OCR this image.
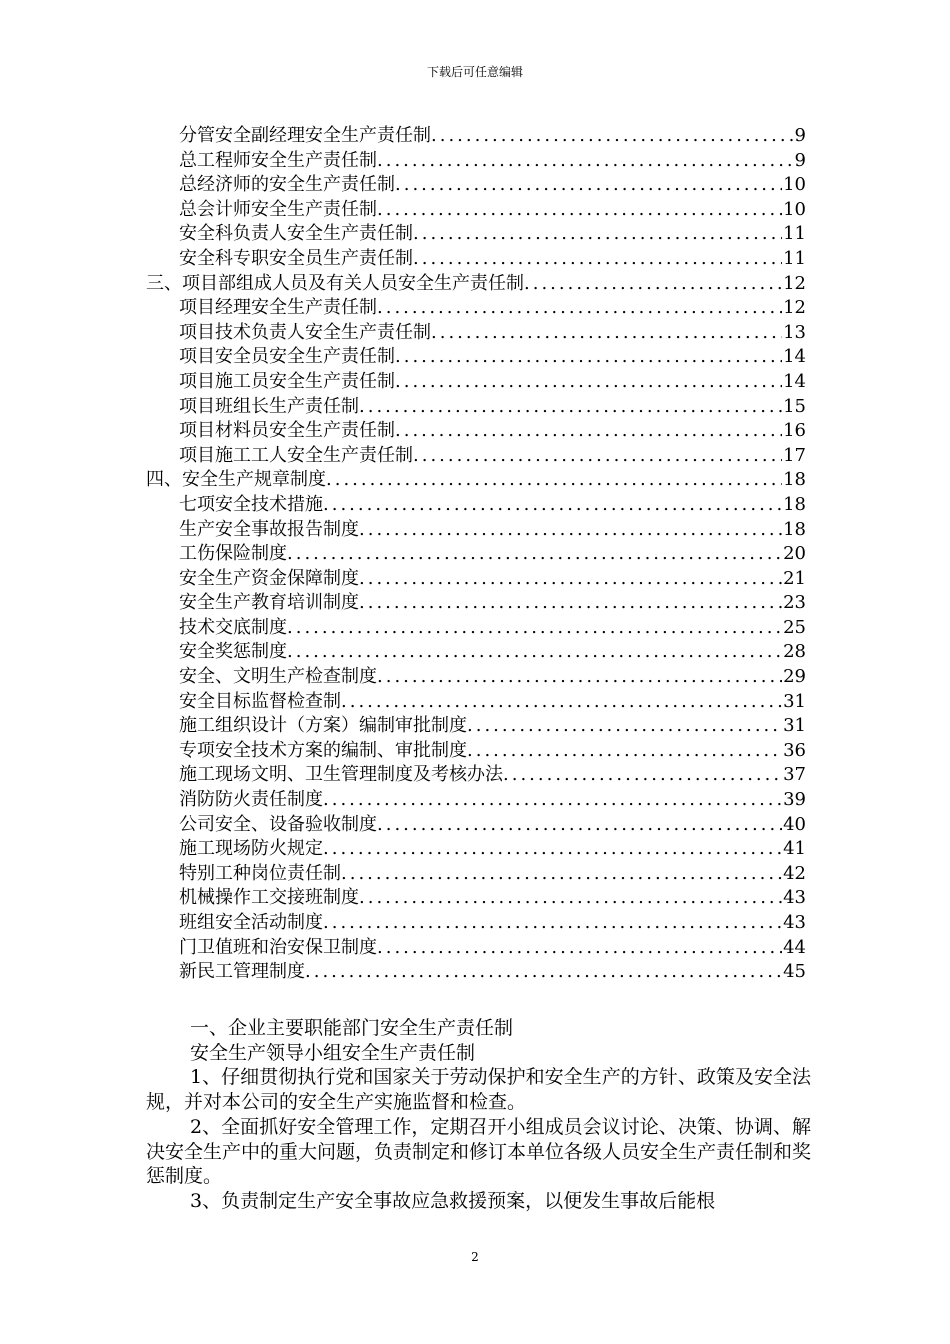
下载后可任意编辑
分管安全副经理安全生产责任制 .....	9
总工程师安全生产责任制 .....	9
总经济师的安全生产责任制 .....	10
总会计师安全生产责任制 .....	10
安全科负责人安全生产责任制 .....	11
安全科专职安全员生产责任制 .....	11
三、项目部组成人员及有关人员安全生产责任制 .....	12
项目经理安全生产责任制 .....	12
项目技术负责人安全生产责任制 .....	13
项目安全员安全生产责任制 .....	14
项目施工员安全生产责任制 .....	14
项目班组长生产责任制 .....	15
项目材料员安全生产责任制 .....	16
项目施工工人安全生产责任制 .....	17
四、安全生产规章制度 .....	18
七项安全技术措施 .....	18
生产安全事故报告制度 .....	18
工伤保险制度 .....	20
安全生产资金保障制度 .....	21
安全生产教育培训制度 .....	23
技术交底制度 .....	25
安全奖惩制度 .....	28
安全、文明生产检查制度 .....	29
安全目标监督检查制 .....	31
施工组织设计（方案）编制审批制度 .....	31
专项安全技术方案的编制、审批制度 .....	36
施工现场文明、卫生管理制度及考核办法 .....	37
消防防火责任制度 .....	39
公司安全、设备验收制度 .....	40
施工现场防火规定 .....	41
特别工种岗位责任制 .....	42
机械操作工交接班制度 .....	43
班组安全活动制度 .....	43
门卫值班和治安保卫制度 .....	44
新民工管理制度 .....	45
一、企业主要职能部门安全生产责任制
安全生产领导小组安全生产责任制

1、仔细贯彻执行党和国家关于劳动保护和安全生产的方针、政策及安全法规，并对本公司的安全生产实施监督和检查。

2、全面抓好安全管理工作，定期召开小组成员会议讨论、决策、协调、解决安全生产中的重大问题，负责制定和修订本单位各级人员安全生产责任制和奖惩制度。

3、负责制定生产安全事故应急救援预案，以便发生事故后能根

2
